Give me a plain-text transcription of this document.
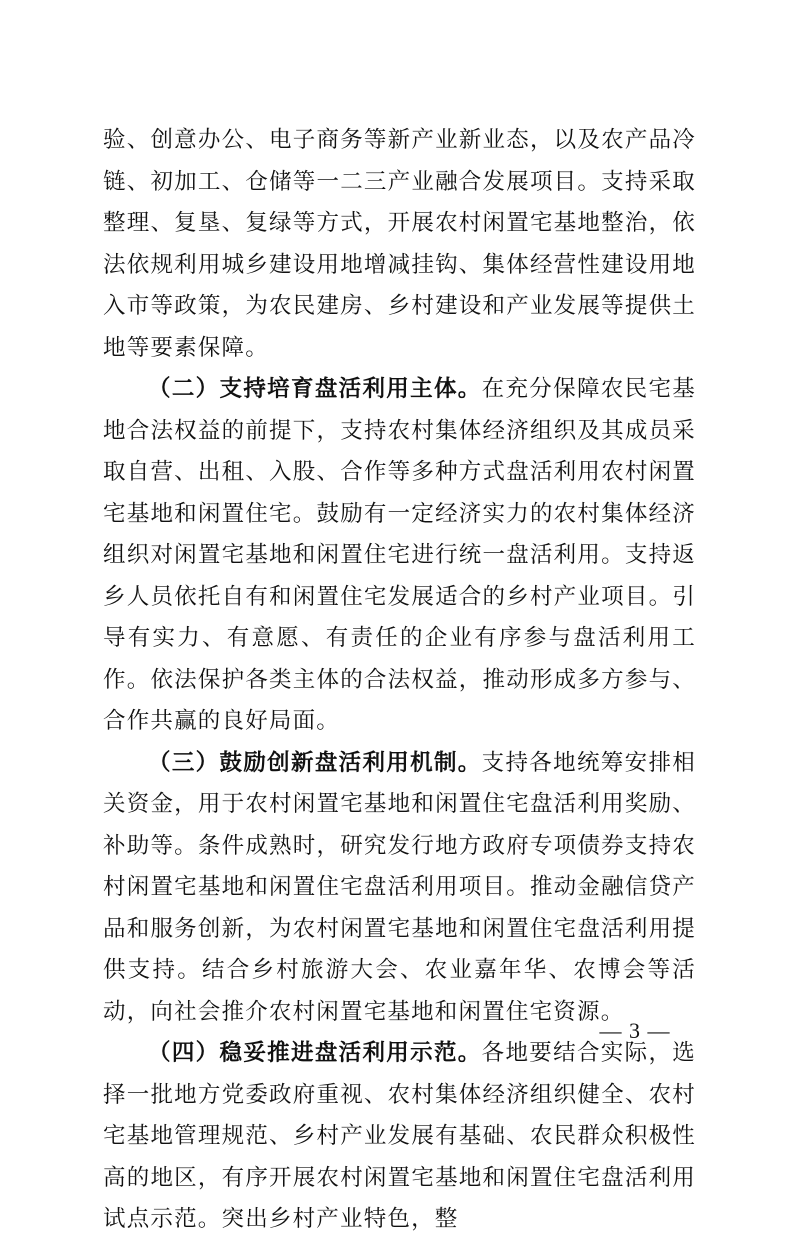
验、创意办公、电子商务等新产业新业态，以及农产品冷链、初加工、仓储等一二三产业融合发展项目。支持采取整理、复垦、复绿等方式，开展农村闲置宅基地整治，依法依规利用城乡建设用地增减挂钩、集体经营性建设用地入市等政策，为农民建房、乡村建设和产业发展等提供土地等要素保障。

（二）支持培育盘活利用主体。在充分保障农民宅基地合法权益的前提下，支持农村集体经济组织及其成员采取自营、出租、入股、合作等多种方式盘活利用农村闲置宅基地和闲置住宅。鼓励有一定经济实力的农村集体经济组织对闲置宅基地和闲置住宅进行统一盘活利用。支持返乡人员依托自有和闲置住宅发展适合的乡村产业项目。引导有实力、有意愿、有责任的企业有序参与盘活利用工作。依法保护各类主体的合法权益，推动形成多方参与、合作共赢的良好局面。

（三）鼓励创新盘活利用机制。支持各地统筹安排相关资金，用于农村闲置宅基地和闲置住宅盘活利用奖励、补助等。条件成熟时，研究发行地方政府专项债券支持农村闲置宅基地和闲置住宅盘活利用项目。推动金融信贷产品和服务创新，为农村闲置宅基地和闲置住宅盘活利用提供支持。结合乡村旅游大会、农业嘉年华、农博会等活动，向社会推介农村闲置宅基地和闲置住宅资源。

（四）稳妥推进盘活利用示范。各地要结合实际，选择一批地方党委政府重视、农村集体经济组织健全、农村宅基地管理规范、乡村产业发展有基础、农民群众积极性高的地区，有序开展农村闲置宅基地和闲置住宅盘活利用试点示范。突出乡村产业特色，整

— 3 —
